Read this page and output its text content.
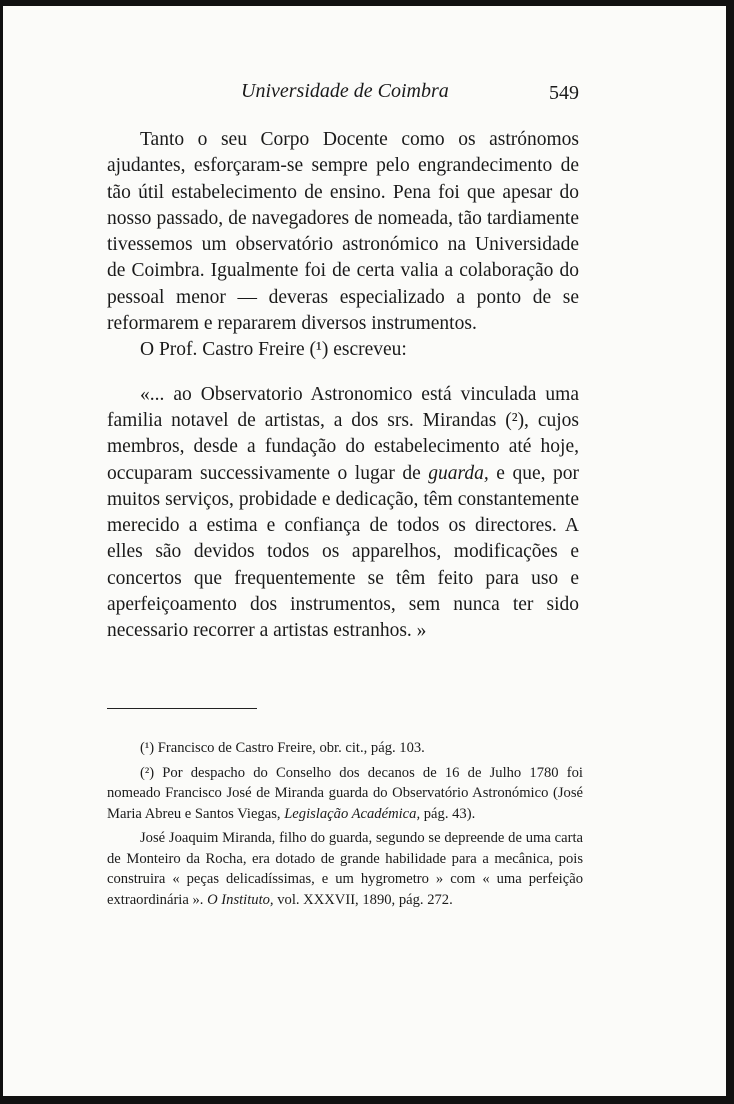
Universidade de Coimbra	549

Tanto o seu Corpo Docente como os astrónomos ajudantes, esforçaram-se sempre pelo engrandecimento de tão útil estabelecimento de ensino. Pena foi que apesar do nosso passado, de navegadores de nomeada, tão tardiamente tivessemos um observatório astronómico na Universidade de Coimbra. Igualmente foi de certa valia a colaboração do pessoal menor — deveras especializado a ponto de se reformarem e repararem diversos instrumentos.

O Prof. Castro Freire (¹) escreveu:

«... ao Observatorio Astronomico está vinculada uma familia notavel de artistas, a dos srs. Mirandas (²), cujos membros, desde a fundação do estabelecimento até hoje, occuparam successivamente o lugar de guarda, e que, por muitos serviços, probidade e dedicação, têm constantemente merecido a estima e confiança de todos os directores. A elles são devidos todos os apparelhos, modificações e concertos que frequentemente se têm feito para uso e aperfeiçoamento dos instrumentos, sem nunca ter sido necessario recorrer a artistas estranhos. »

(¹) Francisco de Castro Freire, obr. cit., pág. 103.

(²) Por despacho do Conselho dos decanos de 16 de Julho 1780 foi nomeado Francisco José de Miranda guarda do Observatório Astronómico (José Maria Abreu e Santos Viegas, Legislação Académica, pág. 43).

José Joaquim Miranda, filho do guarda, segundo se depreende de uma carta de Monteiro da Rocha, era dotado de grande habilidade para a mecânica, pois construira « peças delicadíssimas, e um hygrometro » com « uma perfeição extraordinária ». O Instituto, vol. XXXVII, 1890, pág. 272.
